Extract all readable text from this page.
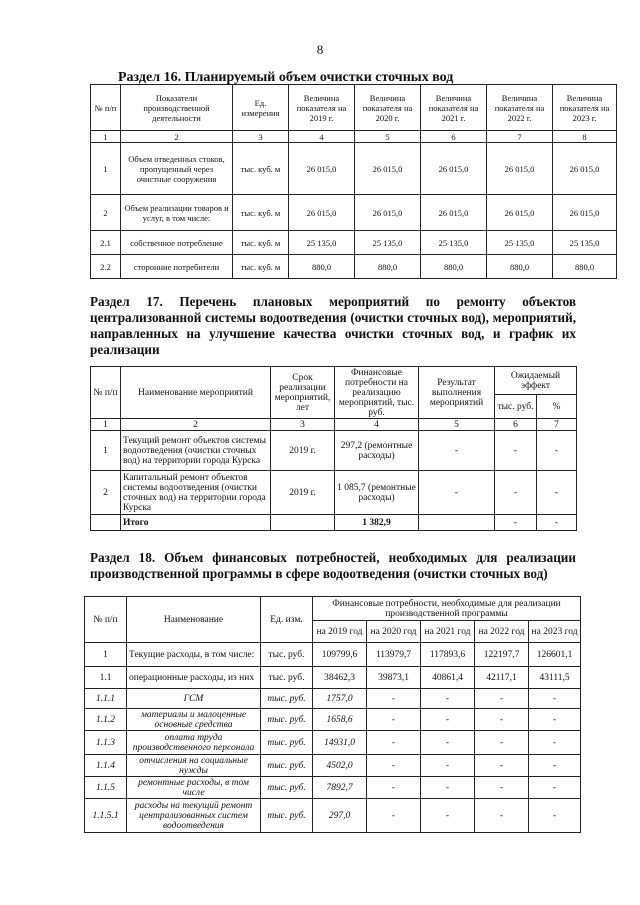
8
Раздел 16. Планируемый объем очистки сточных вод
№ п/п	Показатели производственной деятельности	Ед. измерения	Величина показателя на 2019 г.	Величина показателя на 2020 г.	Величина показателя на 2021 г.	Величина показателя на 2022 г.	Величина показателя на 2023 г.
1	2	3	4	5	6	7	8
1	Объем отведенных стоков, пропущенный через очистные сооружения	тыс. куб. м	26 015,0	26 015,0	26 015,0	26 015,0	26 015,0
2	Объем реализации товаров и услуг, в том числе:	тыс. куб. м	26 015,0	26 015,0	26 015,0	26 015,0	26 015,0
2.1	собственное потребление	тыс. куб. м	25 135,0	25 135,0	25 135,0	25 135,0	25 135,0
2.2	сторонние потребители	тыс. куб. м	880,0	880,0	880,0	880,0	880,0
Раздел 17. Перечень плановых мероприятий по ремонту объектов централизованной системы водоотведения (очистки сточных вод), мероприятий, направленных на улучшение качества очистки сточных вод, и график их реализации
№ п/п	Наименование мероприятий	Срок реализации мероприятий, лет	Финансовые потребности на реализацию мероприятий, тыс. руб.	Результат выполнения мероприятий	Ожидаемый эффект	
					тыс. руб.	%
1	2	3	4	5	6	7
1	Текущий ремонт объектов системы водоотведения (очистки сточных вод) на территории города Курска	2019 г.	297,2 (ремонтные расходы)	-	-	-
2	Капитальный ремонт объектов системы водоотведения (очистки сточных вод) на территории города Курска	2019 г.	1 085,7 (ремонтные расходы)	-	-	-
	Итого		1 382,9		-	-
Раздел 18. Объем финансовых потребностей, необходимых для реализации производственной программы в сфере водоотведения (очистки сточных вод)
№ п/п	Наименование	Ед. изм.	Финансовые потребности, необходимые для реализации производственной программы				
			на 2019 год	на 2020 год	на 2021 год	на 2022 год	на 2023 год
1	Текущие расходы, в том числе:	тыс. руб.	109799,6	113979,7	117893,6	122197,7	126601,1
1.1	операционные расходы, из них	тыс. руб.	38462,3	39873,1	40861,4	42117,1	43111,5
1.1.1	ГСМ	тыс. руб.	1757,0	-	-	-	-
1.1.2	материалы и малоценные основные средства	тыс. руб.	1658,6	-	-	-	-
1.1.3	оплата труда производственного персонала	тыс. руб.	14931,0	-	-	-	-
1.1.4	отчисления на социальные нужды	тыс. руб.	4502,0	-	-	-	-
1.1.5	ремонтные расходы, в том числе	тыс. руб.	7892,7	-	-	-	-
1.1.5.1	расходы на текущий ремонт централизованных систем водоотведения	тыс. руб.	297,0	-	-	-	-
